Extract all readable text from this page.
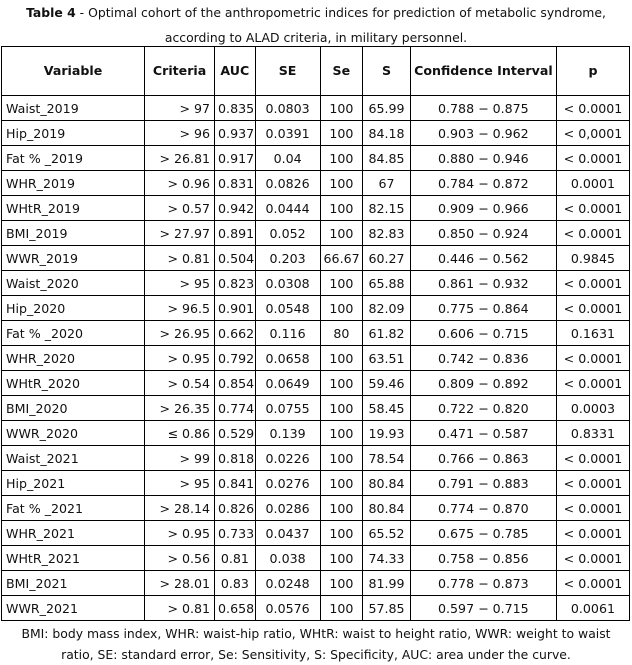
Table 4 - Optimal cohort of the anthropometric indices for prediction of metabolic syndrome, according to ALAD criteria, in military personnel.
Variable	Criteria	AUC	SE	Se	S	Confidence Interval	p
Waist_2019	> 97	0.835	0.0803	100	65.99	0.788 − 0.875	< 0.0001
Hip_2019	> 96	0.937	0.0391	100	84.18	0.903 − 0.962	< 0,0001
Fat % _2019	> 26.81	0.917	0.04	100	84.85	0.880 − 0.946	< 0.0001
WHR_2019	> 0.96	0.831	0.0826	100	67	0.784 − 0.872	0.0001
WHtR_2019	> 0.57	0.942	0.0444	100	82.15	0.909 − 0.966	< 0.0001
BMI_2019	> 27.97	0.891	0.052	100	82.83	0.850 − 0.924	< 0.0001
WWR_2019	> 0.81	0.504	0.203	66.67	60.27	0.446 − 0.562	0.9845
Waist_2020	> 95	0.823	0.0308	100	65.88	0.861 − 0.932	< 0.0001
Hip_2020	> 96.5	0.901	0.0548	100	82.09	0.775 − 0.864	< 0.0001
Fat % _2020	> 26.95	0.662	0.116	80	61.82	0.606 − 0.715	0.1631
WHR_2020	> 0.95	0.792	0.0658	100	63.51	0.742 − 0.836	< 0.0001
WHtR_2020	> 0.54	0.854	0.0649	100	59.46	0.809 − 0.892	< 0.0001
BMI_2020	> 26.35	0.774	0.0755	100	58.45	0.722 − 0.820	0.0003
WWR_2020	≤ 0.86	0.529	0.139	100	19.93	0.471 − 0.587	0.8331
Waist_2021	> 99	0.818	0.0226	100	78.54	0.766 − 0.863	< 0.0001
Hip_2021	> 95	0.841	0.0276	100	80.84	0.791 − 0.883	< 0.0001
Fat % _2021	> 28.14	0.826	0.0286	100	80.84	0.774 − 0.870	< 0.0001
WHR_2021	> 0.95	0.733	0.0437	100	65.52	0.675 − 0.785	< 0.0001
WHtR_2021	> 0.56	0.81	0.038	100	74.33	0.758 − 0.856	< 0.0001
BMI_2021	> 28.01	0.83	0.0248	100	81.99	0.778 − 0.873	< 0.0001
WWR_2021	> 0.81	0.658	0.0576	100	57.85	0.597 − 0.715	0.0061
BMI: body mass index, WHR: waist-hip ratio, WHtR: waist to height ratio, WWR: weight to waist ratio, SE: standard error, Se: Sensitivity, S: Specificity, AUC: area under the curve.
